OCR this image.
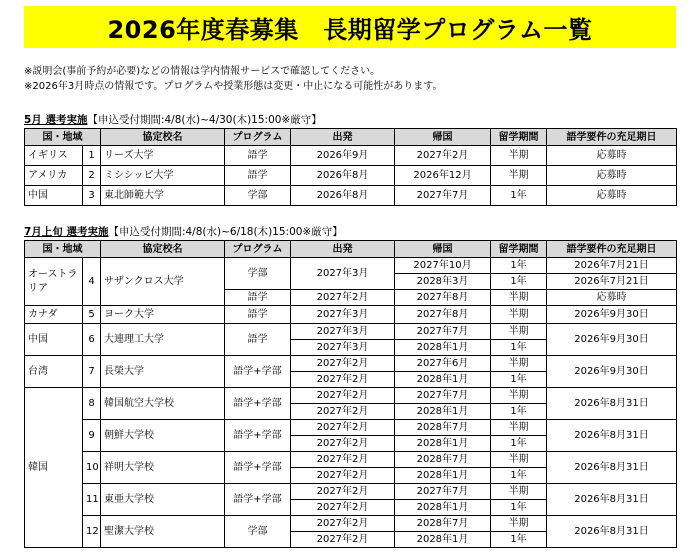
2026年度春募集　長期留学プログラム一覧
※説明会(事前予約が必要)などの情報は学内情報サービスで確認してください。
※2026年3月時点の情報です。プログラムや授業形態は変更・中止になる可能性があります。
5月 選考実施【申込受付期間:4/8(水)~4/30(木)15:00※厳守】
国・地域		協定校名	プログラム	出発	帰国	留学期間	語学要件の充足期日
イギリス	1	リーズ大学	語学	2026年9月	2027年2月	半期	応募時
アメリカ	2	ミシシッピ大学	語学	2026年8月	2026年12月	半期	応募時
中国	3	東北師範大学	学部	2026年8月	2027年7月	1年	応募時
7月上旬 選考実施【申込受付期間:4/8(水)~6/18(木)15:00※厳守】
国・地域		協定校名	プログラム	出発	帰国	留学期間	語学要件の充足期日
オーストラリア	4	サザンクロス大学	学部	2027年3月	2027年10月	1年	2026年7月21日
					2028年3月	1年	2026年7月21日
			語学	2027年2月	2027年8月	半期	応募時
カナダ	5	ヨーク大学	語学	2027年3月	2027年8月	半期	2026年9月30日
中国	6	大連理工大学	語学	2027年3月	2027年7月	半期	2026年9月30日
				2027年3月	2028年1月	1年	
台湾	7	長榮大学	語学+学部	2027年2月	2027年6月	半期	2026年9月30日
				2027年2月	2028年1月	1年	
韓国	8	韓国航空大学校	語学+学部	2027年2月	2027年7月	半期	2026年8月31日
				2027年2月	2028年1月	1年	
	9	朝鮮大学校	語学+学部	2027年2月	2028年7月	半期	2026年8月31日
				2027年2月	2028年1月	1年	
	10	祥明大学校	語学+学部	2027年2月	2028年7月	半期	2026年8月31日
				2027年2月	2028年1月	1年	
	11	東亜大学校	語学+学部	2027年2月	2027年7月	半期	2026年8月31日
				2027年2月	2028年1月	1年	
	12	聖潔大学校	学部	2027年2月	2028年7月	半期	2026年8月31日
				2027年2月	2028年1月	1年	
